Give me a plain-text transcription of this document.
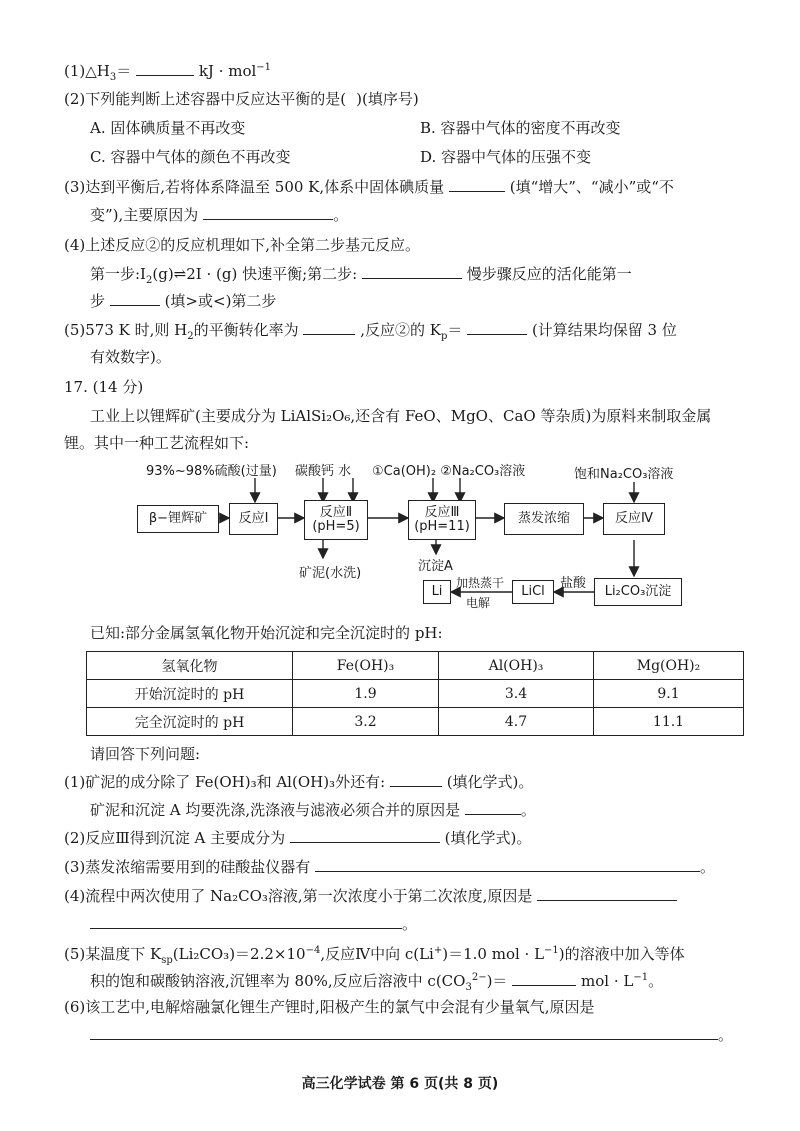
$(1)\triangle H_3=$	kJ · mol$^{-1}$
(2)下列能判断上述容器中反应达平衡的是( )(填序号)
A. 固体碘质量不再改变	B. 容器中气体的密度不再改变
C. 容器中气体的颜色不再改变	D. 容器中气体的压强不变
(3)达到平衡后,若将体系降温至 500 K,体系中固体碘质量	(填“增大”、“减小”或“不
变”),主要原因为	。
(4)上述反应②的反应机理如下,补全第二步基元反应。
第一步$:I_2(g)\rightleftharpoons 2I \cdot (g)$ 快速平衡;第二步:	慢步骤反应的活化能第一
步	(填>或<)第二步
(5)573 K 时,则 $H_2$的平衡转化率为	,反应②的 $K_p=$	(计算结果均保留 3 位
有效数字)。
17. (14 分)
工业上以锂辉矿(主要成分为 LiAlSi₂O₆,还含有 FeO、MgO、CaO 等杂质)为原料来制取金属
锂。其中一种工艺流程如下:
93%~98%硫酸(过量) 碳酸钙 水 ①Ca(OH)₂ ②Na₂CO₃溶液	饱和Na₂CO₃溶液
β−锂辉矿 反应Ⅰ	反应Ⅱ
(pH=5)
反应Ⅲ
(pH=11)
蒸发浓缩	反应Ⅳ
矿泥(水洗)	沉淀A
Li₂CO₃沉淀
盐酸
LiCl
加热蒸干
电解
Li
已知:部分金属氢氧化物开始沉淀和完全沉淀时的 pH:
氢氧化物	Fe(OH)₃	Al(OH)₃	Mg(OH)₂
开始沉淀时的 pH	1.9	3.4	9.1
完全沉淀时的 pH	3.2	4.7	11.1
请回答下列问题:
(1)矿泥的成分除了 Fe(OH)₃和 Al(OH)₃外还有:	(填化学式)。
矿泥和沉淀 A 均要洗涤,洗涤液与滤液必须合并的原因是	。
(2)反应Ⅲ得到沉淀 A 主要成分为	(填化学式)。
(3)蒸发浓缩需要用到的硅酸盐仪器有	。
(4)流程中两次使用了 Na₂CO₃溶液,第一次浓度小于第二次浓度,原因是
。
(5)某温度下 $K_{sp}(Li_2CO_3)=2.2\times 10^{-4}$,反应Ⅳ中向 c(Li+)＝1.0 mol · $L^{-1}$)的溶液中加入等体
积的饱和碳酸钠溶液,沉锂率为 80%,反应后溶液中 $c(CO_3^{2-})=$	mol · $L^{-1}$。
(6)该工艺中,电解熔融氯化锂生产锂时,阳极产生的氯气中会混有少量氧气,原因是
。
高三化学试卷 第 6 页(共 8 页)
